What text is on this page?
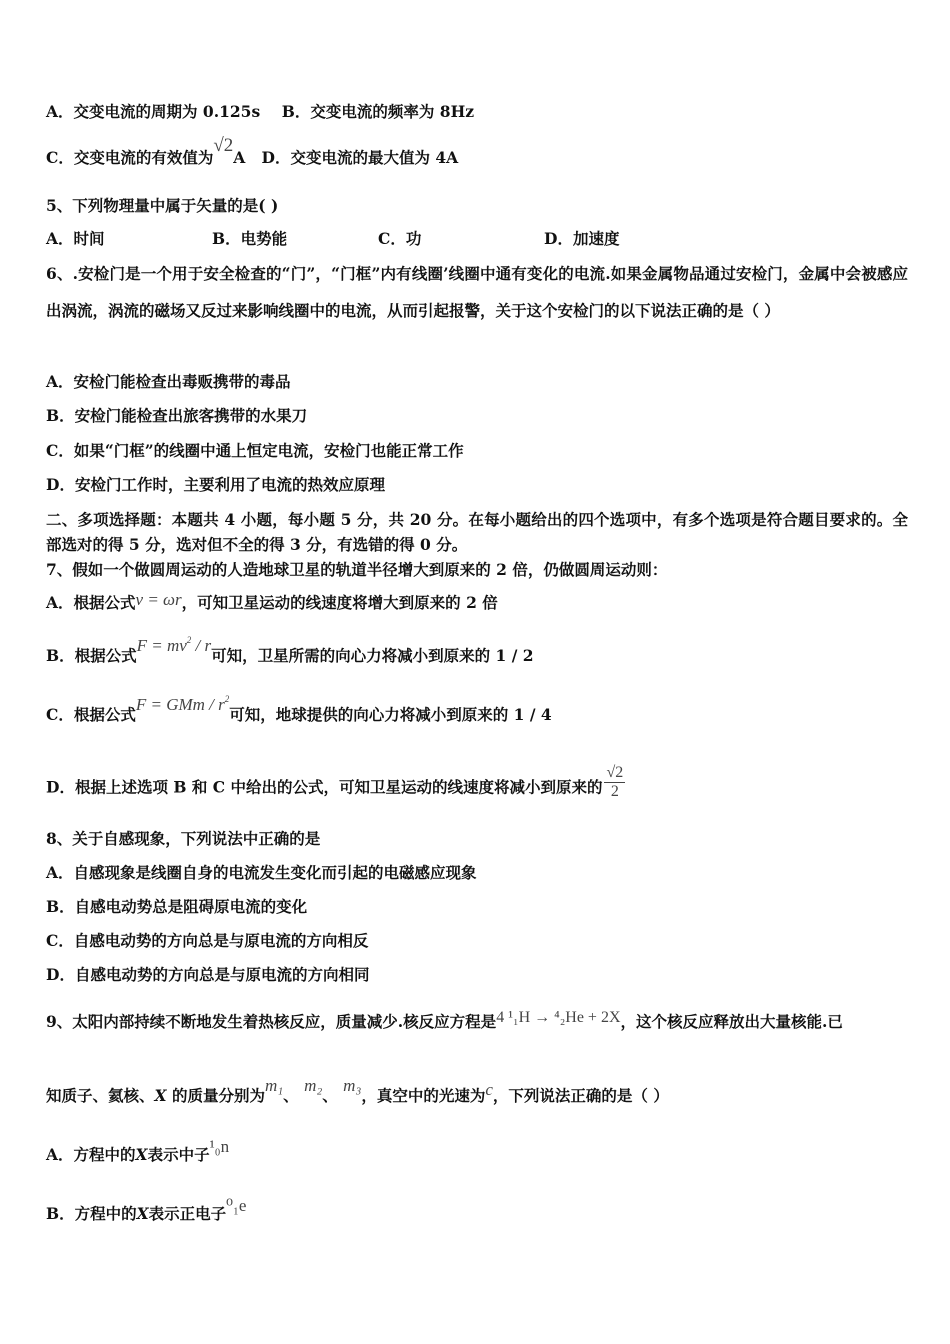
A．交变电流的周期为 0.125s B．交变电流的频率为 8Hz
C．交变电流的有效值为√2A D．交变电流的最大值为 4A
5、下列物理量中属于矢量的是( )
A．时间	B．电势能	C．功	D．加速度
6、.安检门是一个用于安全检查的“门”，“门框”内有线圈’线圈中通有变化的电流.如果金属物品通过安检门，金属中会被感应出涡流，涡流的磁场又反过来影响线圈中的电流，从而引起报警，关于这个安检门的以下说法正确的是（ ）
A．安检门能检查出毒贩携带的毒品
B．安检门能检查出旅客携带的水果刀
C．如果“门框”的线圈中通上恒定电流，安检门也能正常工作
D．安检门工作时，主要利用了电流的热效应原理
二、多项选择题：本题共 4 小题，每小题 5 分，共 20 分。在每小题给出的四个选项中，有多个选项是符合题目要求的。全部选对的得 5 分，选对但不全的得 3 分，有选错的得 0 分。
7、假如一个做圆周运动的人造地球卫星的轨道半径增大到原来的 2 倍，仍做圆周运动则：
A．根据公式v = ωr，可知卫星运动的线速度将增大到原来的 2 倍
B．根据公式$F = mv^2 / r$可知，卫星所需的向心力将减小到原来的 1 / 2
C．根据公式F = GMm / $r^2$可知，地球提供的向心力将减小到原来的 1 / 4
D．根据上述选项 B 和 C 中给出的公式，可知卫星运动的线速度将减小到原来的 $\frac{√2}{2}$
8、关于自感现象，下列说法中正确的是
A．自感现象是线圈自身的电流发生变化而引起的电磁感应现象
B．自感电动势总是阻碍原电流的变化
C．自感电动势的方向总是与原电流的方向相反
D．自感电动势的方向总是与原电流的方向相同
9、太阳内部持续不断地发生着热核反应，质量减少.核反应方程是4 ¹₁H → ⁴₂He + 2X，这个核反应释放出大量核能.已
知质子、氦核、X 的质量分别为m₁、 m₂、 m₃，真空中的光速为c，下列说法正确的是（ ）
A．方程中的X表示中子¹₀n
B．方程中的X表示正电子⁰₁e
